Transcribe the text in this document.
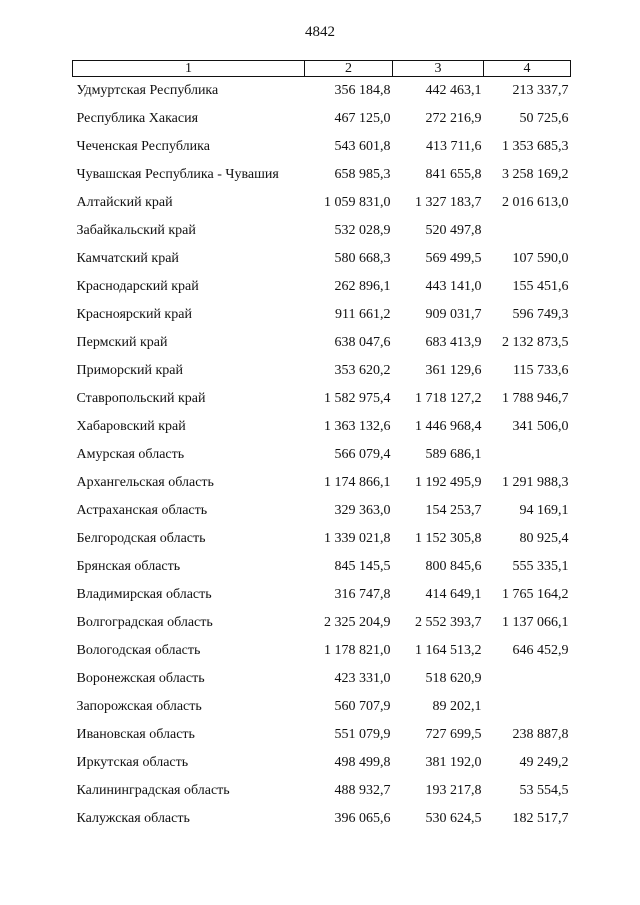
4842
1	2	3	4
Удмуртская Республика	356 184,8	442 463,1	213 337,7
Республика Хакасия	467 125,0	272 216,9	50 725,6
Чеченская Республика	543 601,8	413 711,6	1 353 685,3
Чувашская Республика - Чувашия	658 985,3	841 655,8	3 258 169,2
Алтайский край	1 059 831,0	1 327 183,7	2 016 613,0
Забайкальский край	532 028,9	520 497,8	
Камчатский край	580 668,3	569 499,5	107 590,0
Краснодарский край	262 896,1	443 141,0	155 451,6
Красноярский край	911 661,2	909 031,7	596 749,3
Пермский край	638 047,6	683 413,9	2 132 873,5
Приморский край	353 620,2	361 129,6	115 733,6
Ставропольский край	1 582 975,4	1 718 127,2	1 788 946,7
Хабаровский край	1 363 132,6	1 446 968,4	341 506,0
Амурская область	566 079,4	589 686,1	
Архангельская область	1 174 866,1	1 192 495,9	1 291 988,3
Астраханская область	329 363,0	154 253,7	94 169,1
Белгородская область	1 339 021,8	1 152 305,8	80 925,4
Брянская область	845 145,5	800 845,6	555 335,1
Владимирская область	316 747,8	414 649,1	1 765 164,2
Волгоградская область	2 325 204,9	2 552 393,7	1 137 066,1
Вологодская область	1 178 821,0	1 164 513,2	646 452,9
Воронежская область	423 331,0	518 620,9	
Запорожская область	560 707,9	89 202,1	
Ивановская область	551 079,9	727 699,5	238 887,8
Иркутская область	498 499,8	381 192,0	49 249,2
Калининградская область	488 932,7	193 217,8	53 554,5
Калужская область	396 065,6	530 624,5	182 517,7
